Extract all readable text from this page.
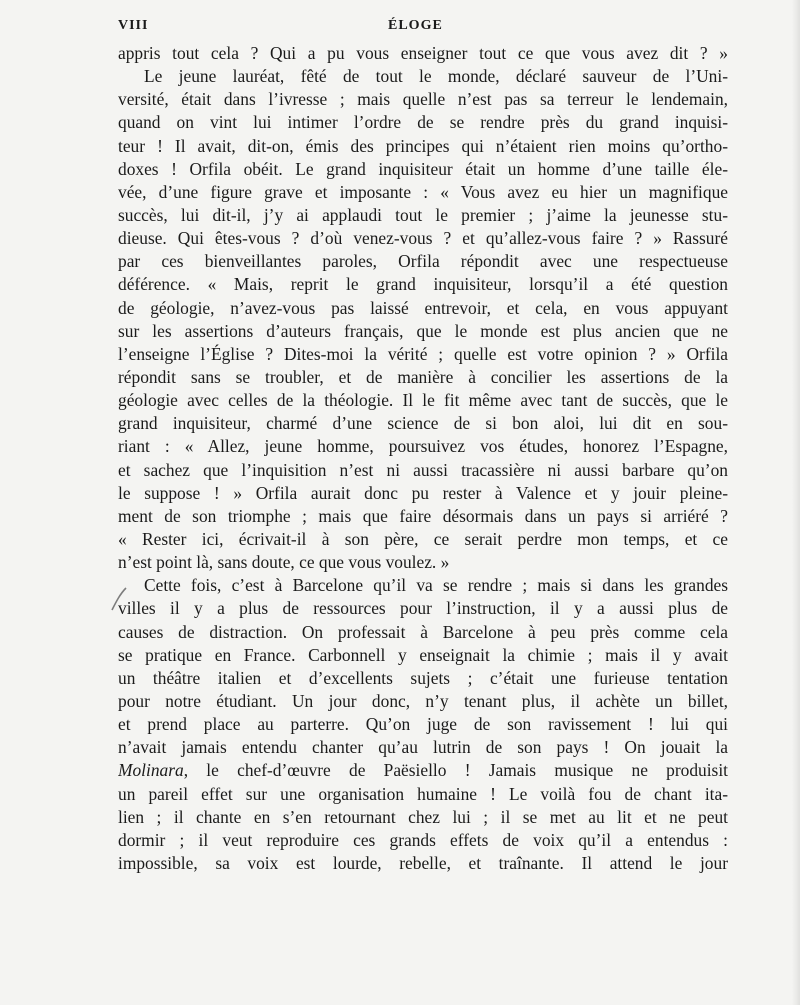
VIII	ÉLOGE
appris tout cela ? Qui a pu vous enseigner tout ce que vous avez dit ? »
Le jeune lauréat, fêté de tout le monde, déclaré sauveur de l’Uni-
versité, était dans l’ivresse ; mais quelle n’est pas sa terreur le lendemain,
quand on vint lui intimer l’ordre de se rendre près du grand inquisi-
teur ! Il avait, dit-on, émis des principes qui n’étaient rien moins qu’ortho-
doxes ! Orfila obéit. Le grand inquisiteur était un homme d’une taille éle-
vée, d’une figure grave et imposante : « Vous avez eu hier un magnifique
succès, lui dit-il, j’y ai applaudi tout le premier ; j’aime la jeunesse stu-
dieuse. Qui êtes-vous ? d’où venez-vous ? et qu’allez-vous faire ? » Rassuré
par ces bienveillantes paroles, Orfila répondit avec une respectueuse
déférence. « Mais, reprit le grand inquisiteur, lorsqu’il a été question
de géologie, n’avez-vous pas laissé entrevoir, et cela, en vous appuyant
sur les assertions d’auteurs français, que le monde est plus ancien que ne
l’enseigne l’Église ? Dites-moi la vérité ; quelle est votre opinion ? » Orfila
répondit sans se troubler, et de manière à concilier les assertions de la
géologie avec celles de la théologie. Il le fit même avec tant de succès, que le
grand inquisiteur, charmé d’une science de si bon aloi, lui dit en sou-
riant : « Allez, jeune homme, poursuivez vos études, honorez l’Espagne,
et sachez que l’inquisition n’est ni aussi tracassière ni aussi barbare qu’on
le suppose ! » Orfila aurait donc pu rester à Valence et y jouir pleine-
ment de son triomphe ; mais que faire désormais dans un pays si arriéré ?
« Rester ici, écrivait-il à son père, ce serait perdre mon temps, et ce
n’est point là, sans doute, ce que vous voulez. »
Cette fois, c’est à Barcelone qu’il va se rendre ; mais si dans les grandes
villes il y a plus de ressources pour l’instruction, il y a aussi plus de
causes de distraction. On professait à Barcelone à peu près comme cela
se pratique en France. Carbonnell y enseignait la chimie ; mais il y avait
un théâtre italien et d’excellents sujets ; c’était une furieuse tentation
pour notre étudiant. Un jour donc, n’y tenant plus, il achète un billet,
et prend place au parterre. Qu’on juge de son ravissement ! lui qui
n’avait jamais entendu chanter qu’au lutrin de son pays ! On jouait la
Molinara, le chef-d’œuvre de Paësiello ! Jamais musique ne produisit
un pareil effet sur une organisation humaine ! Le voilà fou de chant ita-
lien ; il chante en s’en retournant chez lui ; il se met au lit et ne peut
dormir ; il veut reproduire ces grands effets de voix qu’il a entendus :
impossible, sa voix est lourde, rebelle, et traînante. Il attend le jour
